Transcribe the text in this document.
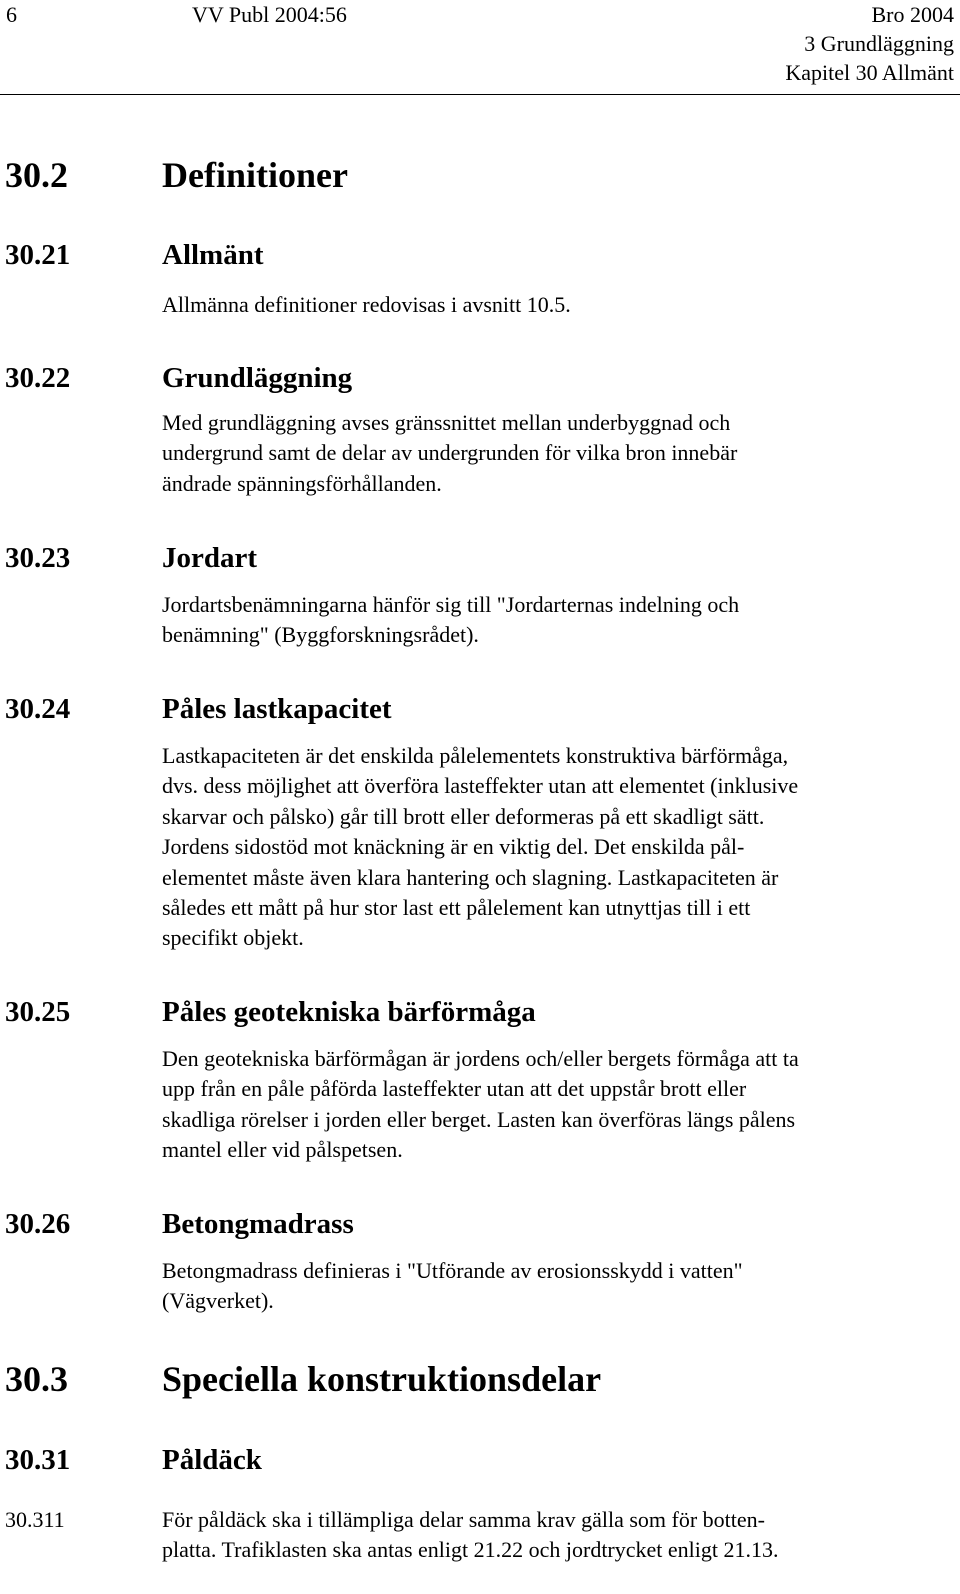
6	VV Publ 2004:56	Bro 2004
3 Grundläggning
Kapitel 30 Allmänt
30.2	Definitioner
30.21	Allmänt
Allmänna definitioner redovisas i avsnitt 10.5.
30.22	Grundläggning
Med grundläggning avses gränssnittet mellan underbyggnad och
undergrund samt de delar av undergrunden för vilka bron innebär
ändrade spänningsförhållanden.
30.23	Jordart
Jordartsbenämningarna hänför sig till "Jordarternas indelning och
benämning" (Byggforskningsrådet).
30.24	Påles lastkapacitet
Lastkapaciteten är det enskilda pålelementets konstruktiva bärförmåga,
dvs. dess möjlighet att överföra lasteffekter utan att elementet (inklusive
skarvar och pålsko) går till brott eller deformeras på ett skadligt sätt.
Jordens sidostöd mot knäckning är en viktig del. Det enskilda pål-
elementet måste även klara hantering och slagning. Lastkapaciteten är
således ett mått på hur stor last ett pålelement kan utnyttjas till i ett
specifikt objekt.
30.25	Påles geotekniska bärförmåga
Den geotekniska bärförmågan är jordens och/eller bergets förmåga att ta
upp från en påle påförda lasteffekter utan att det uppstår brott eller
skadliga rörelser i jorden eller berget. Lasten kan överföras längs pålens
mantel eller vid pålspetsen.
30.26	Betongmadrass
Betongmadrass definieras i "Utförande av erosionsskydd i vatten"
(Vägverket).
30.3	Speciella konstruktionsdelar
30.31	Påldäck
30.311	För påldäck ska i tillämpliga delar samma krav gälla som för botten-
platta. Trafiklasten ska antas enligt 21.22 och jordtrycket enligt 21.13.
